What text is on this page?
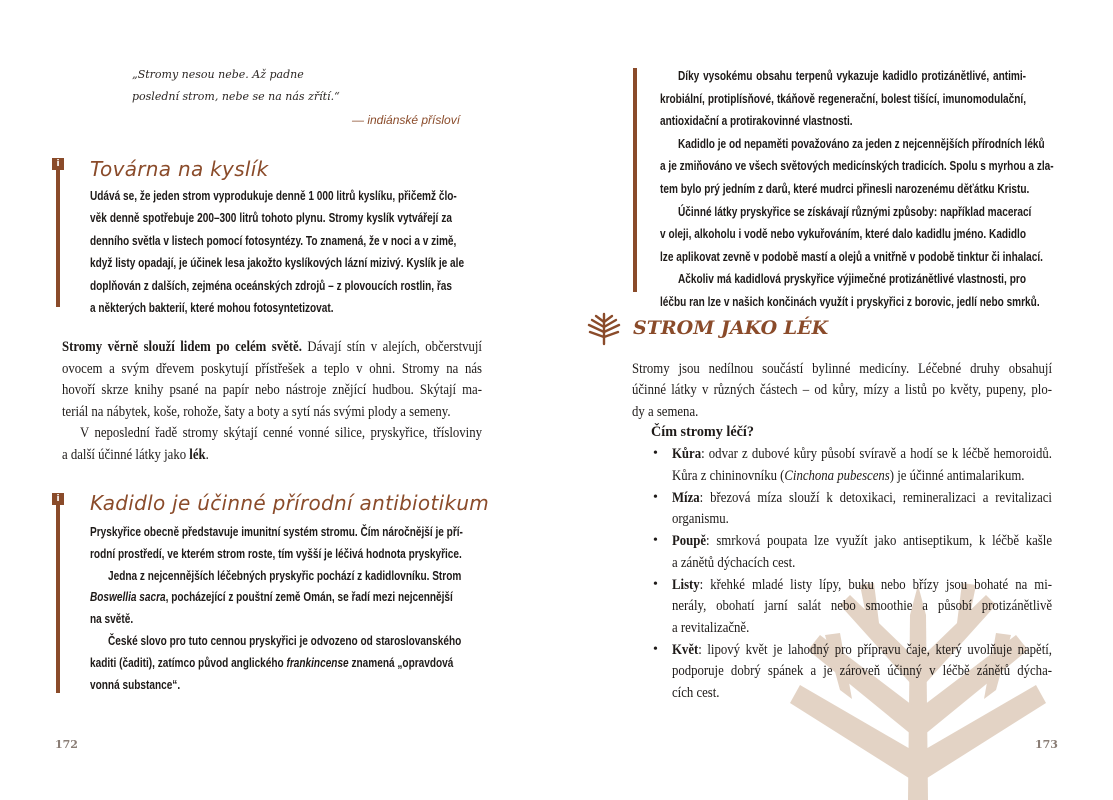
„Stromy nesou nebe. Až padne
poslední strom, nebe se na nás zřítí.“
— indiánské přísloví
i Továrna na kyslík
Udává se, že jeden strom vyprodukuje denně 1 000 litrů kyslíku, přičemž člo-
věk denně spotřebuje 200–300 litrů tohoto plynu. Stromy kyslík vytvářejí za
denního světla v listech pomocí fotosyntézy. To znamená, že v noci a v zimě,
když listy opadají, je účinek lesa jakožto kyslíkových lázní mizivý. Kyslík je ale
doplňován z dalších, zejména oceánských zdrojů – z plovoucích rostlin, řas
a některých bakterií, které mohou fotosyntetizovat.
Stromy věrně slouží lidem po celém světě. Dávají stín v alejích, občerstvují
ovocem a svým dřevem poskytují přístřešek a teplo v ohni. Stromy na nás
hovoří skrze knihy psané na papír nebo nástroje znějící hudbou. Skýtají ma-
teriál na nábytek, koše, rohože, šaty a boty a sytí nás svými plody a semeny.
V neposlední řadě stromy skýtají cenné vonné silice, pryskyřice, třísloviny
a další účinné látky jako lék.
i Kadidlo je účinné přírodní antibiotikum
Pryskyřice obecně představuje imunitní systém stromu. Čím náročnější je pří-
rodní prostředí, ve kterém strom roste, tím vyšší je léčivá hodnota pryskyřice.
Jedna z nejcennějších léčebných pryskyřic pochází z kadidlovníku. Strom
Boswellia sacra, pocházející z pouštní země Omán, se řadí mezi nejcennější
na světě.
České slovo pro tuto cennou pryskyřici je odvozeno od staroslovanského
kaditi (čaditi), zatímco původ anglického frankincense znamená „opravdová
vonná substance“.
172
Díky vysokému obsahu terpenů vykazuje kadidlo protizánětlivé, antimi-
krobiální, protiplísňové, tkáňově regenerační, bolest tišící, imunomodulační,
antioxidační a protirakovinné vlastnosti.
Kadidlo je od nepaměti považováno za jeden z nejcennějších přírodních léků
a je zmiňováno ve všech světových medicínských tradicích. Spolu s myrhou a zla-
tem bylo prý jedním z darů, které mudrci přinesli narozenému děťátku Kristu.
Účinné látky pryskyřice se získávají různými způsoby: například macerací
v oleji, alkoholu i vodě nebo vykuřováním, které dalo kadidlu jméno. Kadidlo
lze aplikovat zevně v podobě mastí a olejů a vnitřně v podobě tinktur či inhalací.
Ačkoliv má kadidlová pryskyřice výjimečné protizánětlivé vlastnosti, pro
léčbu ran lze v našich končinách využít i pryskyřici z borovic, jedlí nebo smrků.
STROM JAKO LÉK
Stromy jsou nedílnou součástí bylinné medicíny. Léčebné druhy obsahují
účinné látky v různých částech – od kůry, mízy a listů po květy, pupeny, plo-
dy a semena.
Čím stromy léčí?
• Kůra: odvar z dubové kůry působí svíravě a hodí se k léčbě hemoroidů.
Kůra z chininovníku (Cinchona pubescens) je účinné antimalarikum.
• Míza: březová míza slouží k detoxikaci, remineralizaci a revitalizaci
organismu.
• Poupě: smrková poupata lze využít jako antiseptikum, k léčbě kašle
a zánětů dýchacích cest.
• Listy: křehké mladé listy lípy, buku nebo břízy jsou bohaté na mi-
nerály, obohatí jarní salát nebo smoothie a působí protizánětlivě
a revitalizačně.
• Květ: lipový květ je lahodný pro přípravu čaje, který uvolňuje napětí,
podporuje dobrý spánek a je zároveň účinný v léčbě zánětů dýcha-
cích cest.
173
